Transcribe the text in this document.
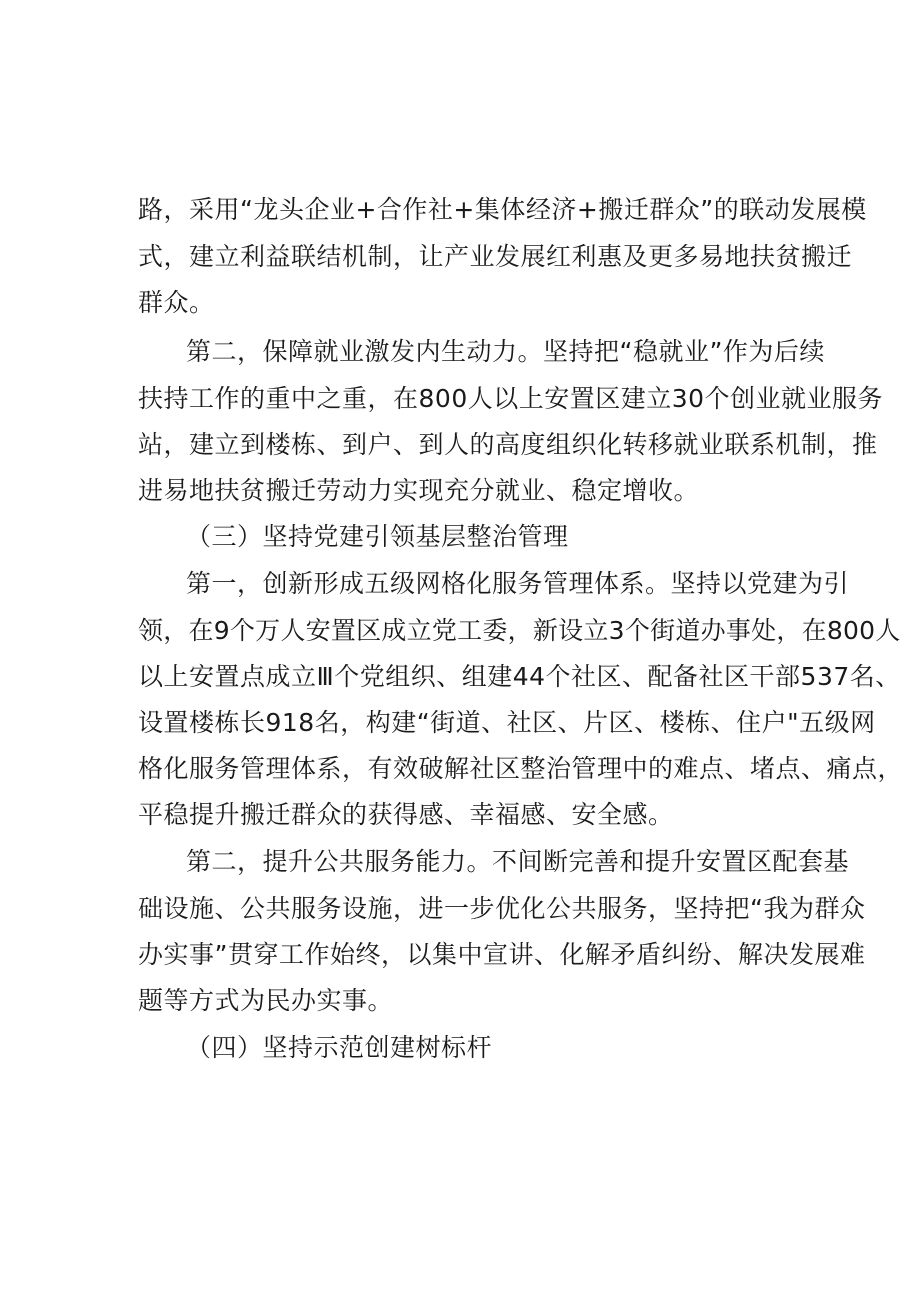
路，采用“龙头企业+合作社+集体经济+搬迁群众”的联动发展模
式，建立利益联结机制，让产业发展红利惠及更多易地扶贫搬迁
群众。
第二，保障就业激发内生动力。坚持把“稳就业”作为后续
扶持工作的重中之重，在800人以上安置区建立30个创业就业服务
站，建立到楼栋、到户、到人的高度组织化转移就业联系机制，推
进易地扶贫搬迁劳动力实现充分就业、稳定增收。
（三）坚持党建引领基层整治管理
第一，创新形成五级网格化服务管理体系。坚持以党建为引
领，在9个万人安置区成立党工委，新设立3个街道办事处，在800人
以上安置点成立Ⅲ个党组织、组建44个社区、配备社区干部537名、
设置楼栋长918名，构建“街道、社区、片区、楼栋、住户"五级网
格化服务管理体系，有效破解社区整治管理中的难点、堵点、痛点，
平稳提升搬迁群众的获得感、幸福感、安全感。
第二，提升公共服务能力。不间断完善和提升安置区配套基
础设施、公共服务设施，进一步优化公共服务，坚持把“我为群众
办实事”贯穿工作始终，以集中宣讲、化解矛盾纠纷、解决发展难
题等方式为民办实事。
（四）坚持示范创建树标杆
